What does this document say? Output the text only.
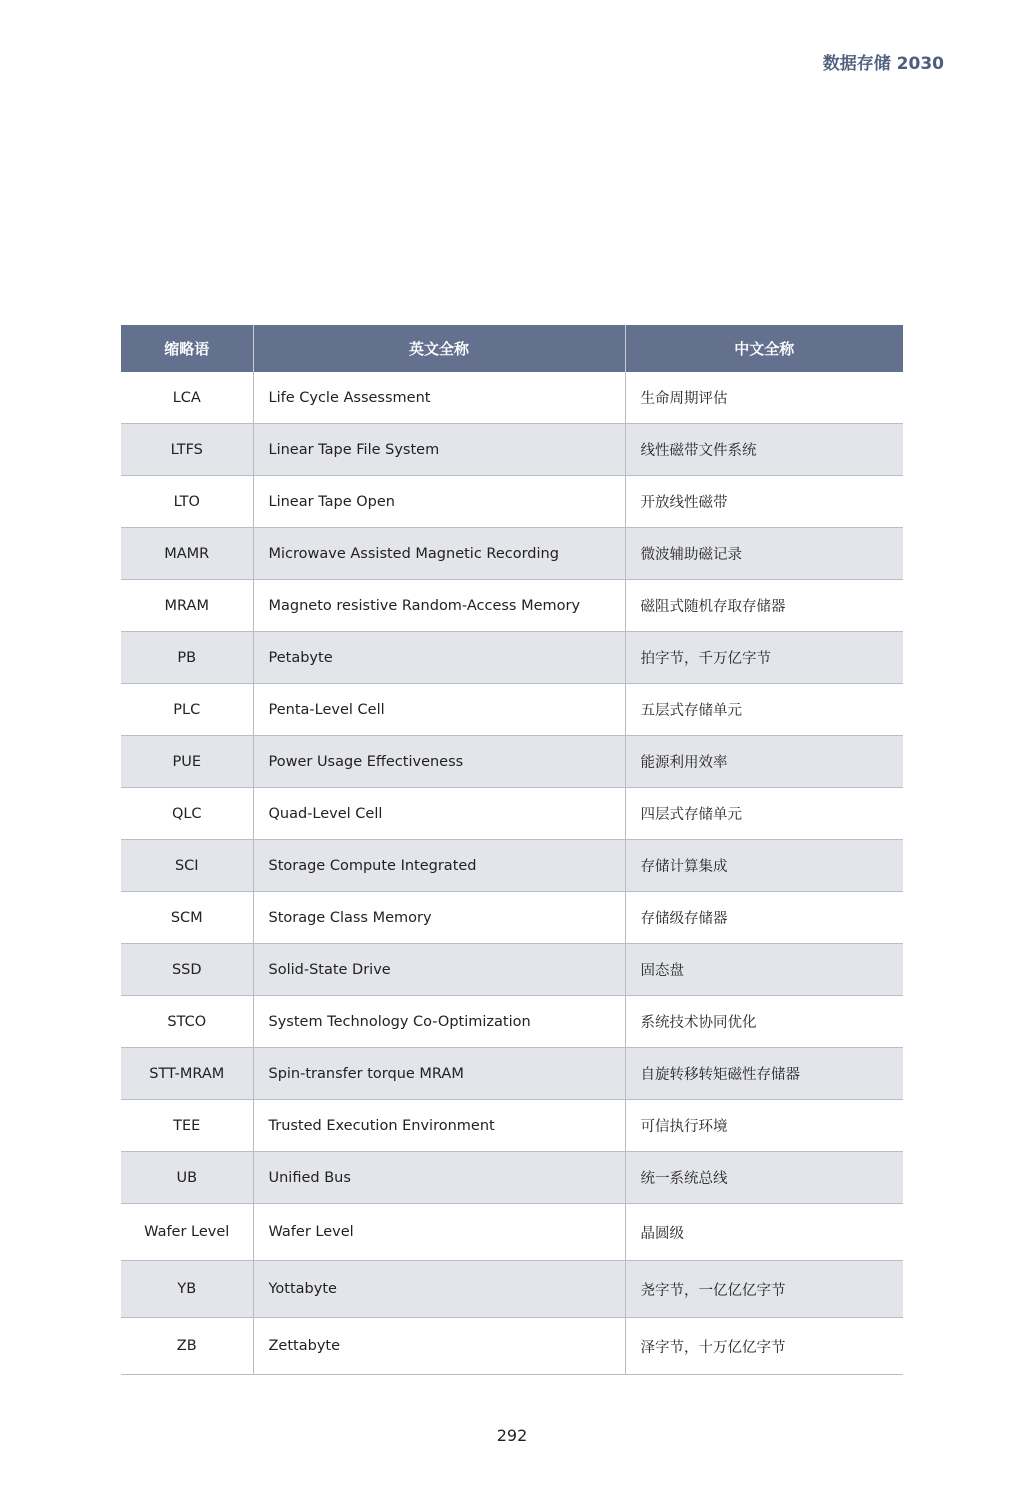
数据存储 2030
缩略语	英文全称	中文全称
LCA	Life Cycle Assessment	生命周期评估
LTFS	Linear Tape File System	线性磁带文件系统
LTO	Linear Tape Open	开放线性磁带
MAMR	Microwave Assisted Magnetic Recording	微波辅助磁记录
MRAM	Magneto resistive Random-Access Memory	磁阻式随机存取存储器
PB	Petabyte	拍字节，千万亿字节
PLC	Penta-Level Cell	五层式存储单元
PUE	Power Usage Effectiveness	能源利用效率
QLC	Quad-Level Cell	四层式存储单元
SCI	Storage Compute Integrated	存储计算集成
SCM	Storage Class Memory	存储级存储器
SSD	Solid-State Drive	固态盘
STCO	System Technology Co-Optimization	系统技术协同优化
STT-MRAM	Spin-transfer torque MRAM	自旋转移转矩磁性存储器
TEE	Trusted Execution Environment	可信执行环境
UB	Unified Bus	统一系统总线
Wafer Level	Wafer Level	晶圆级
YB	Yottabyte	尧字节，一亿亿亿字节
ZB	Zettabyte	泽字节，十万亿亿字节
292
